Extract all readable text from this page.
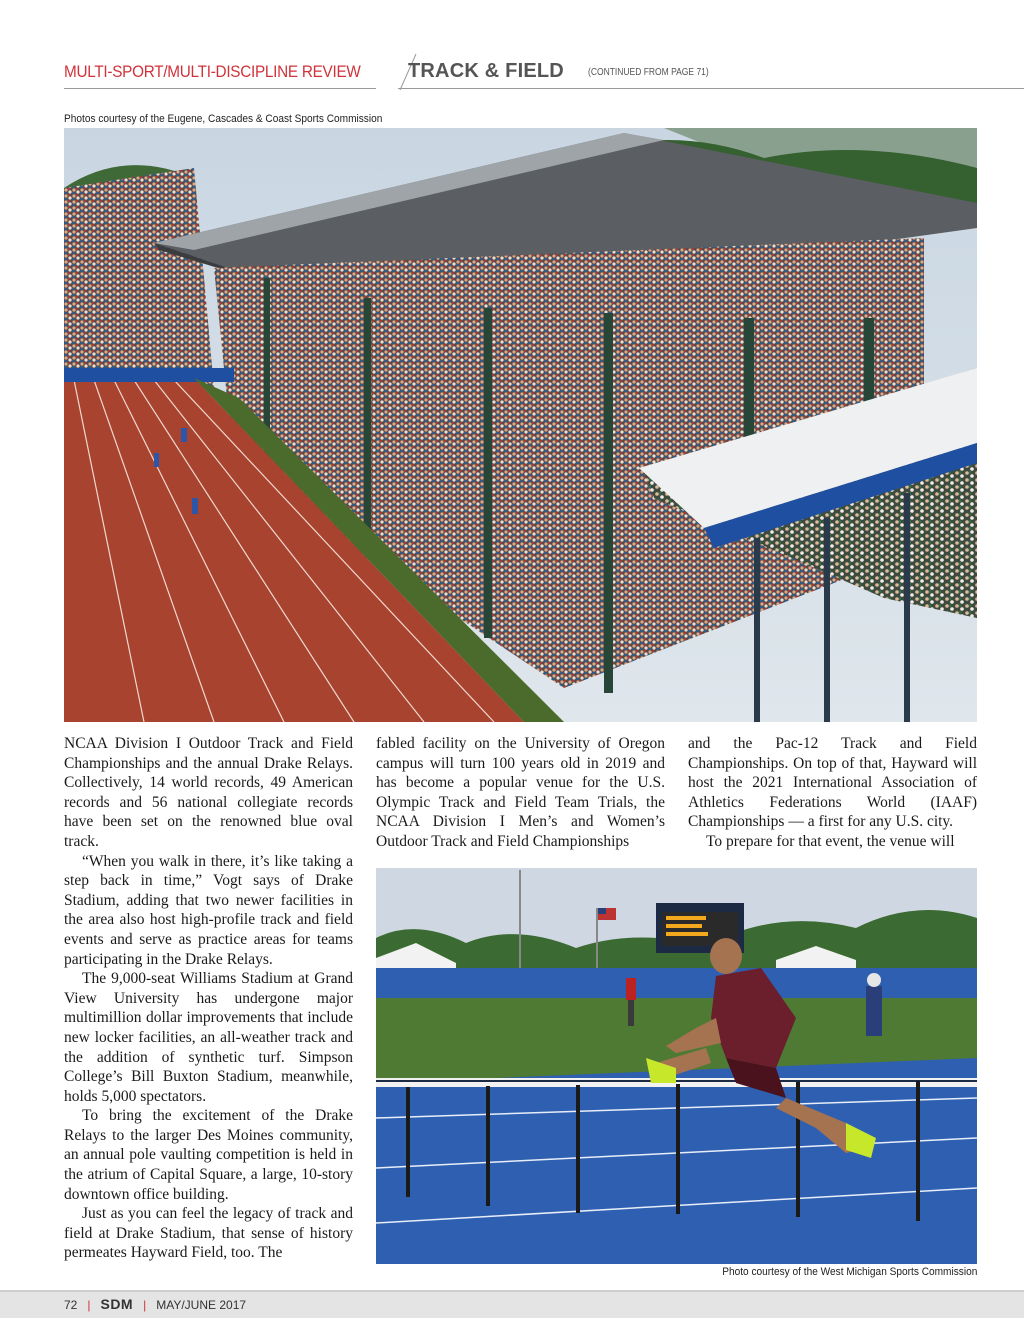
MULTI-SPORT/MULTI-DISCIPLINE REVIEW TRACK & FIELD (CONTINUED FROM PAGE 71)
Photos courtesy of the Eugene, Cascades & Coast Sports Commission

NCAA Division I Outdoor Track and Field Championships and the annual Drake Relays. Collectively, 14 world records, 49 American records and 56 national collegiate records have been set on the renowned blue oval track.

“When you walk in there, it’s like taking a step back in time,” Vogt says of Drake Stadium, adding that two newer facilities in the area also host high-profile track and field events and serve as practice areas for teams participating in the Drake Relays.

The 9,000-seat Williams Stadium at Grand View University has undergone major multimillion dollar improvements that include new locker facilities, an all-weather track and the addition of synthetic turf. Simpson College’s Bill Buxton Stadium, meanwhile, holds 5,000 spectators.

To bring the excitement of the Drake Relays to the larger Des Moines community, an annual pole vaulting competition is held in the atrium of Capital Square, a large, 10-story downtown office building.

Just as you can feel the legacy of track and field at Drake Stadium, that sense of history permeates Hayward Field, too. The

fabled facility on the University of Oregon campus will turn 100 years old in 2019 and has become a popular venue for the U.S. Olympic Track and Field Team Trials, the NCAA Division I Men’s and Women’s Outdoor Track and Field Championships

and the Pac-12 Track and Field Championships. On top of that, Hayward will host the 2021 International Association of Athletics Federations World (IAAF) Championships — a first for any U.S. city.

To prepare for that event, the venue will

Photo courtesy of the West Michigan Sports Commission
72 | SDM | MAY/JUNE 2017
